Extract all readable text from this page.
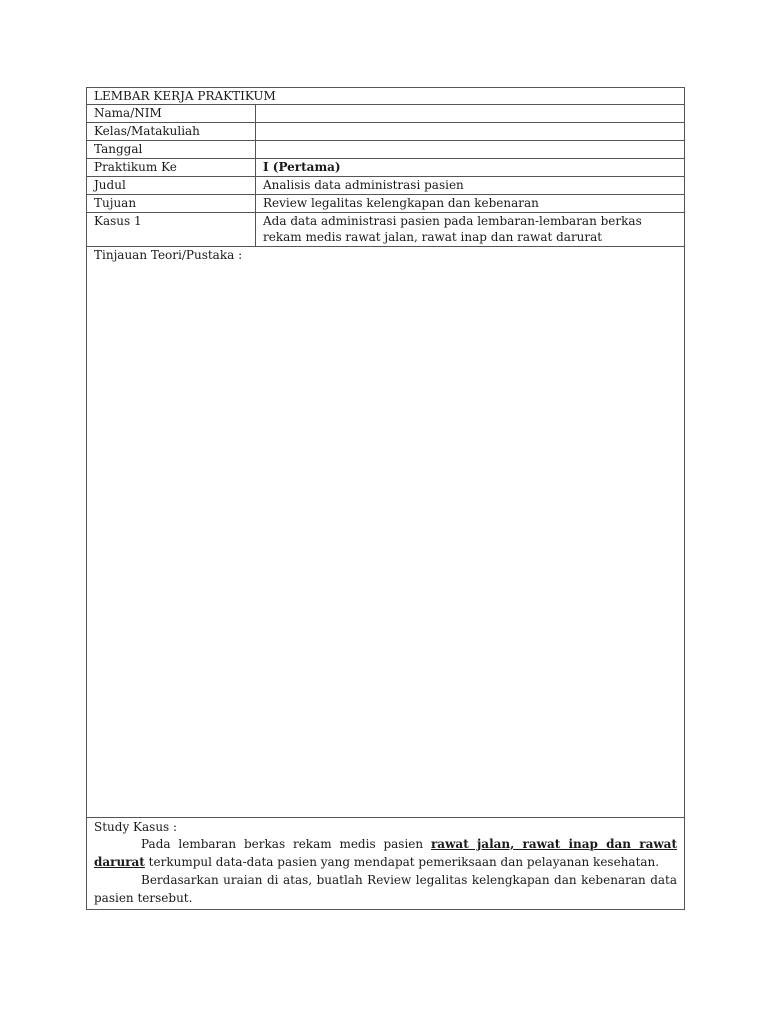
LEMBAR KERJA PRAKTIKUM	
Nama/NIM	
Kelas/Matakuliah	
Tanggal	
Praktikum Ke	I (Pertama)
Judul	Analisis data administrasi pasien
Tujuan	Review legalitas kelengkapan dan kebenaran
Kasus 1	Ada data administrasi pasien pada lembaran-lembaran berkas rekam medis rawat jalan, rawat inap dan rawat darurat
Tinjauan Teori/Pustaka :	

Study Kasus :

Pada lembaran berkas rekam medis pasien rawat jalan, rawat inap dan rawat darurat terkumpul data-data pasien yang mendapat pemeriksaan dan pelayanan kesehatan.

Berdasarkan uraian di atas, buatlah Review legalitas kelengkapan dan kebenaran data pasien tersebut.	
